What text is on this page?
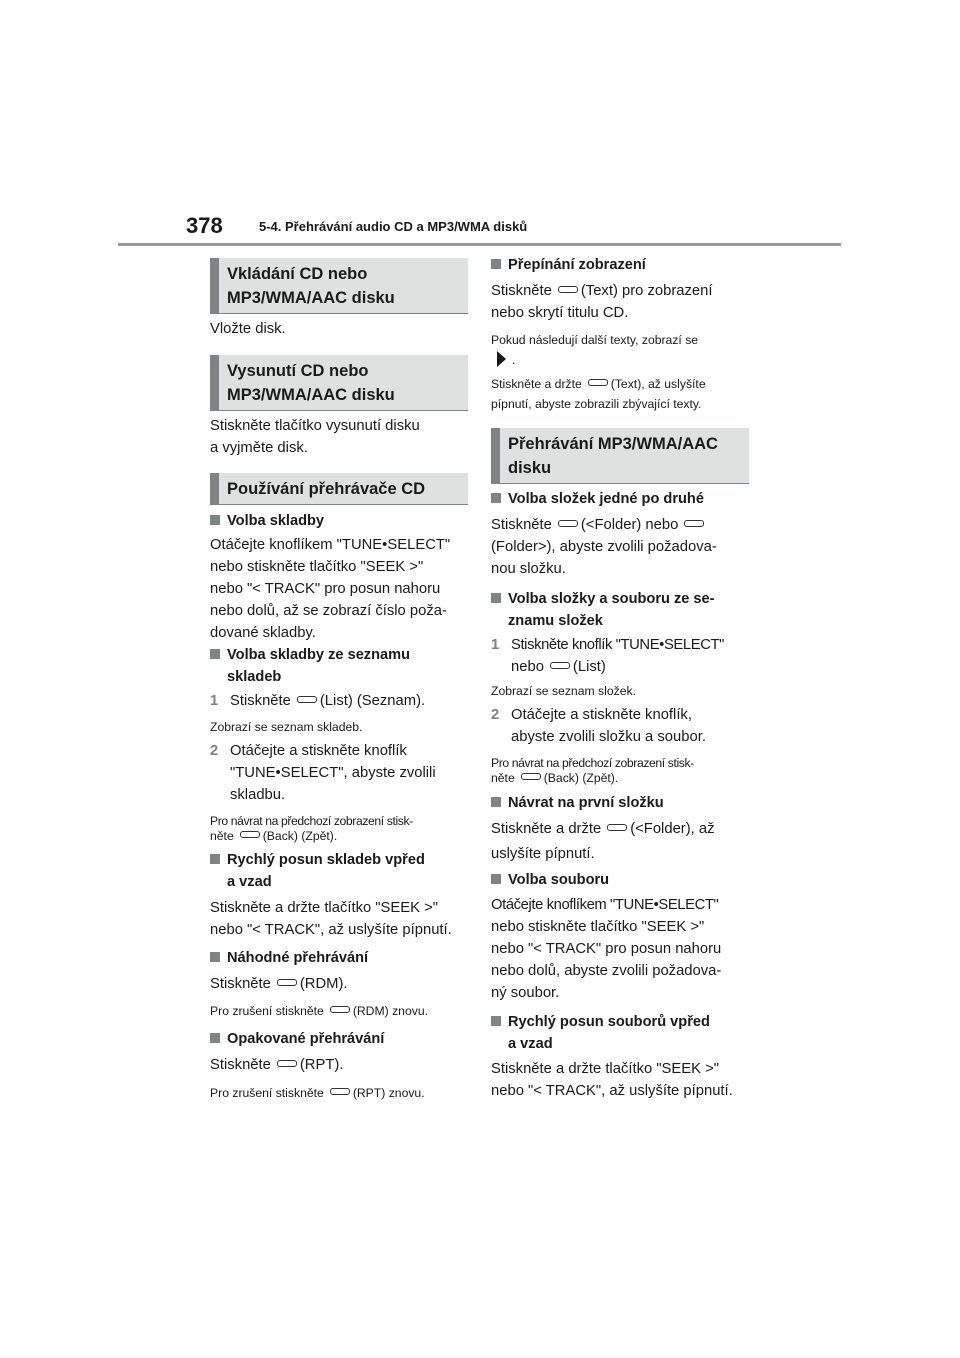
378	5-4. Přehrávání audio CD a MP3/WMA disků
Vkládání CD nebo
MP3/WMA/AAC disku
Vložte disk.
Vysunutí CD nebo
MP3/WMA/AAC disku
Stiskněte tlačítko vysunutí disku
a vyjměte disk.
Používání přehrávače CD
Volba skladby
Otáčejte knoflíkem "TUNE•SELECT"
nebo stiskněte tlačítko "SEEK >"
nebo "< TRACK" pro posun nahoru
nebo dolů, až se zobrazí číslo poža-
dované skladby.
Volba skladby ze seznamu
skladeb
1 Stiskněte (List) (Seznam).
Zobrazí se seznam skladeb.
2 Otáčejte a stiskněte knoflík
"TUNE•SELECT", abyste zvolili
skladbu.
Pro návrat na předchozí zobrazení stisk-
něte (Back) (Zpět).
Rychlý posun skladeb vpřed
a vzad
Stiskněte a držte tlačítko "SEEK >"
nebo "< TRACK", až uslyšíte pípnutí.
Náhodné přehrávání
Stiskněte (RDM).
Pro zrušení stiskněte (RDM) znovu.
Opakované přehrávání
Stiskněte (RPT).
Pro zrušení stiskněte (RPT) znovu.
Přepínání zobrazení
Stiskněte (Text) pro zobrazení
nebo skrytí titulu CD.
Pokud následují další texty, zobrazí se
.
Stiskněte a držte (Text), až uslyšíte
pípnutí, abyste zobrazili zbývající texty.
Přehrávání MP3/WMA/AAC
disku
Volba složek jedné po druhé
Stiskněte (<Folder) nebo
(Folder>), abyste zvolili požadova-
nou složku.
Volba složky a souboru ze se-
znamu složek
1 Stiskněte knoflík "TUNE•SELECT"
nebo (List)
Zobrazí se seznam složek.
2 Otáčejte a stiskněte knoflík,
abyste zvolili složku a soubor.
Pro návrat na předchozí zobrazení stisk-
něte (Back) (Zpět).
Návrat na první složku
Stiskněte a držte (<Folder), až
uslyšíte pípnutí.
Volba souboru
Otáčejte knoflíkem "TUNE•SELECT"
nebo stiskněte tlačítko "SEEK >"
nebo "< TRACK" pro posun nahoru
nebo dolů, abyste zvolili požadova-
ný soubor.
Rychlý posun souborů vpřed
a vzad
Stiskněte a držte tlačítko "SEEK >"
nebo "< TRACK", až uslyšíte pípnutí.
